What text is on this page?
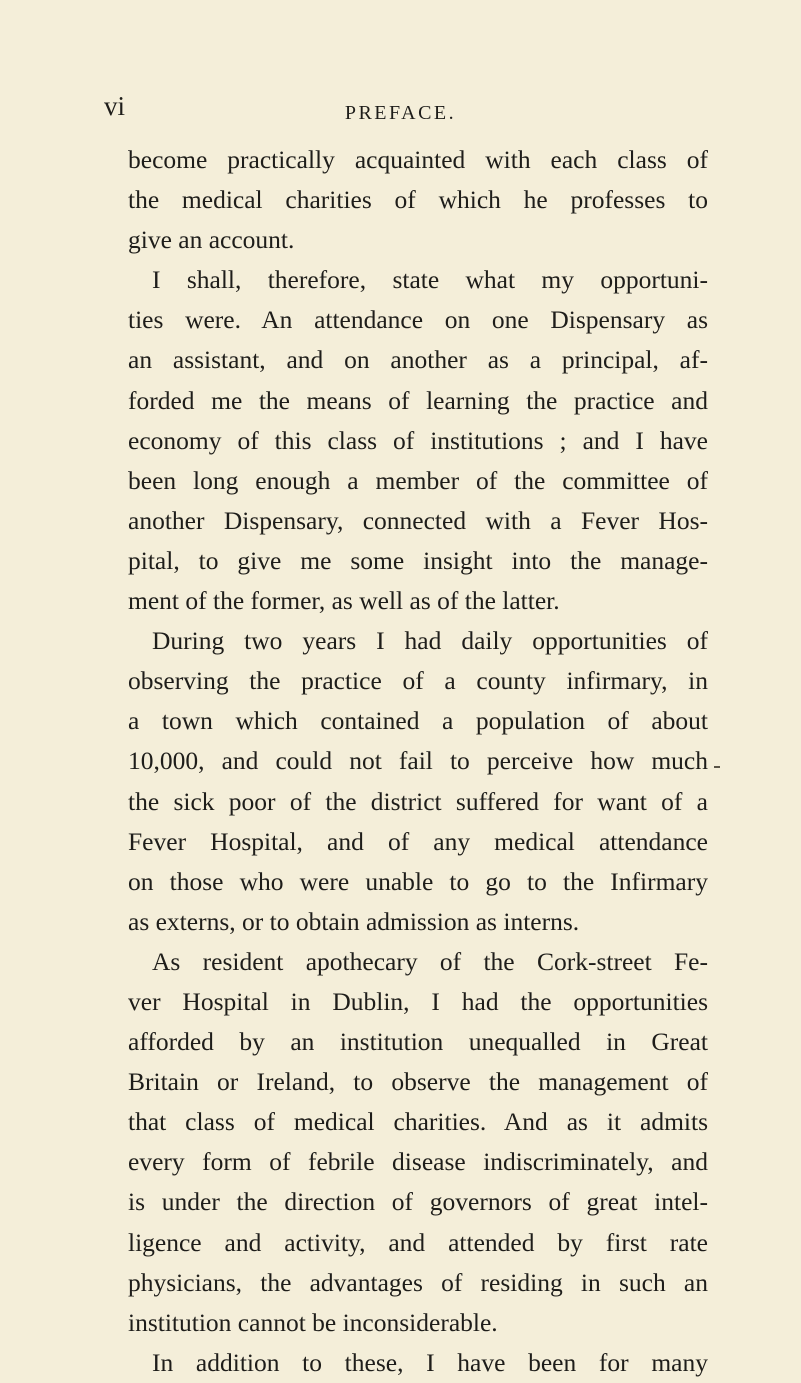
vi	PREFACE.
become practically acquainted with each class of
the medical charities of which he professes to
give an account.
I shall, therefore, state what my opportuni-
ties were. An attendance on one Dispensary as
an assistant, and on another as a principal, af-
forded me the means of learning the practice and
economy of this class of institutions ; and I have
been long enough a member of the committee of
another Dispensary, connected with a Fever Hos-
pital, to give me some insight into the manage-
ment of the former, as well as of the latter.
During two years I had daily opportunities of
observing the practice of a county infirmary, in
a town which contained a population of about
10,000, and could not fail to perceive how much
the sick poor of the district suffered for want of a
Fever Hospital, and of any medical attendance
on those who were unable to go to the Infirmary
as externs, or to obtain admission as interns.
As resident apothecary of the Cork-street Fe-
ver Hospital in Dublin, I had the opportunities
afforded by an institution unequalled in Great
Britain or Ireland, to observe the management of
that class of medical charities. And as it admits
every form of febrile disease indiscriminately, and
is under the direction of governors of great intel-
ligence and activity, and attended by first rate
physicians, the advantages of residing in such an
institution cannot be inconsiderable.
In addition to these, I have been for many
